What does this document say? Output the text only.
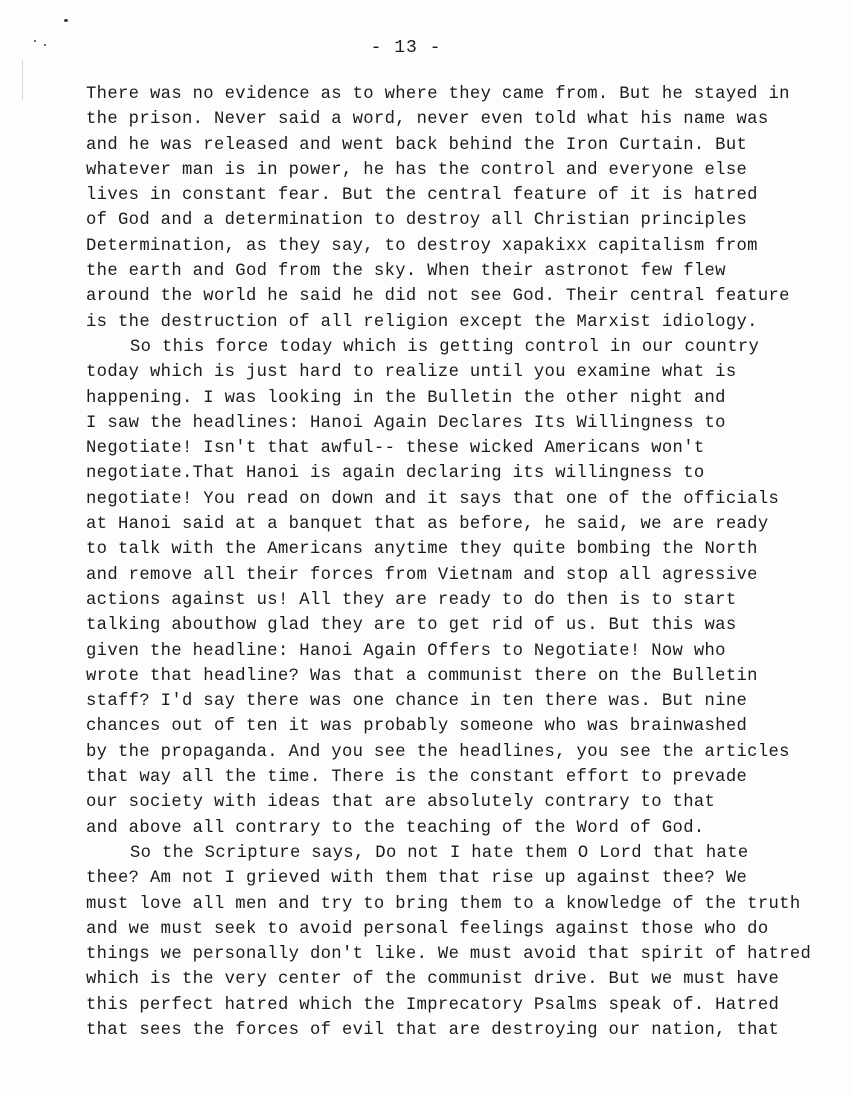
- 13 -
There was no evidence as to where they came from. But he stayed in
the prison. Never said a word, never even told what his name was
and he was released and went back behind the Iron Curtain. But
whatever man is in power, he has the control and everyone else
lives in constant fear. But the central feature of it is hatred
of God and a determination to destroy all Christian principles
Determination, as they say, to destroy xapakixx capitalism from
the earth and God from the sky. When their astronot few flew
around the world he said he did not see God. Their central feature
is the destruction of all religion except the Marxist idiology.
So this force today which is getting control in our country
today which is just hard to realize until you examine what is
happening. I was looking in the Bulletin the other night and
I saw the headlines: Hanoi Again Declares Its Willingness to
Negotiate! Isn't that awful-- these wicked Americans won't
negotiate.That Hanoi is again declaring its willingness to
negotiate! You read on down and it says that one of the officials
at Hanoi said at a banquet that as before, he said, we are ready
to talk with the Americans anytime they quite bombing the North
and remove all their forces from Vietnam and stop all agressive
actions against us! All they are ready to do then is to start
talking abouthow glad they are to get rid of us. But this was
given the headline: Hanoi Again Offers to Negotiate! Now who
wrote that headline? Was that a communist there on the Bulletin
staff? I'd say there was one chance in ten there was. But nine
chances out of ten it was probably someone who was brainwashed
by the propaganda. And you see the headlines, you see the articles
that way all the time. There is the constant effort to prevade
our society with ideas that are absolutely contrary to that
and above all contrary to the teaching of the Word of God.
So the Scripture says, Do not I hate them O Lord that hate
thee? Am not I grieved with them that rise up against thee? We
must love all men and try to bring them to a knowledge of the truth
and we must seek to avoid personal feelings against those who do
things we personally don't like. We must avoid that spirit of hatred
which is the very center of the communist drive. But we must have
this perfect hatred which the Imprecatory Psalms speak of. Hatred
that sees the forces of evil that are destroying our nation, that
